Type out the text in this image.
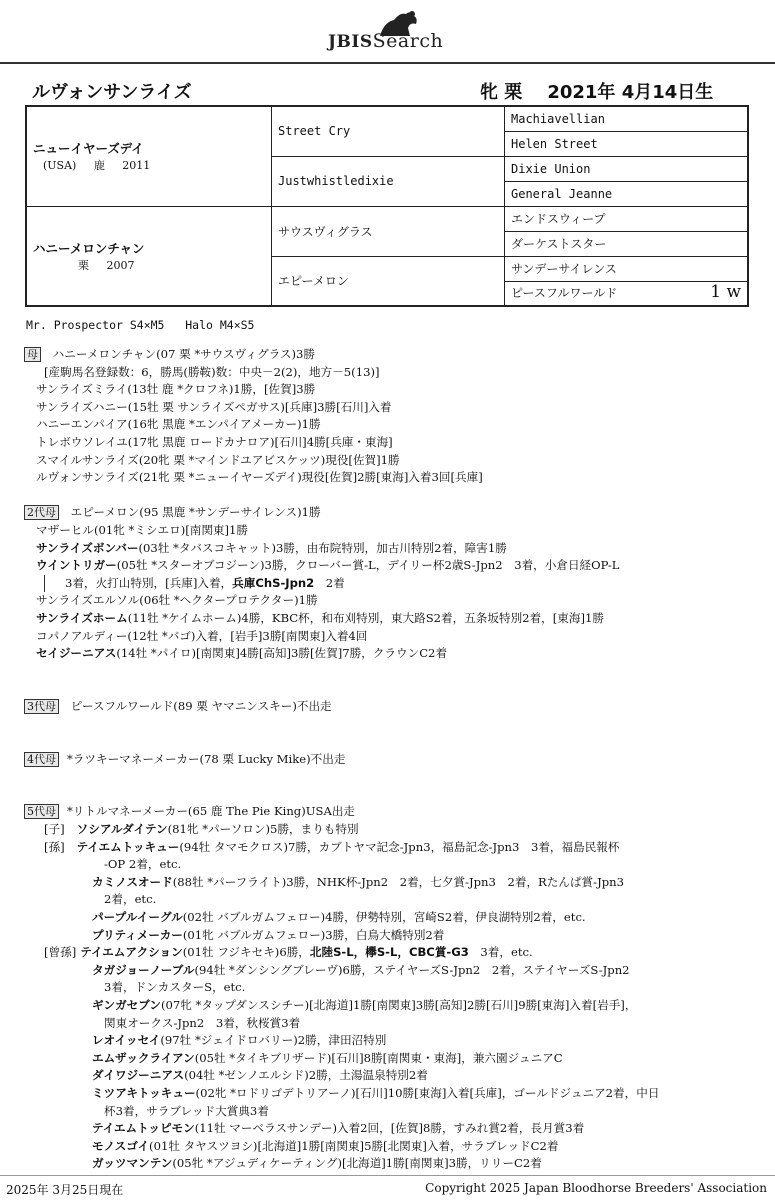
JBISSearch
ルヴォンサンライズ	牝 栗    2021年 4月14日生
ニューイヤーズデイ
(USA)     鹿     2011	Street Cry	Machiavellian
		Helen Street
	Justwhistledixie	Dixie Union
		General Jeanne

ハニーメロンチャン
栗     2007	サウスヴィグラス	エンドスウィープ
		ダーケストスター
	エピーメロン	サンデーサイレンス
		ピースフルワールド 1 w
Mr. Prospector S4×M5   Halo M4×S5
母 ハニーメロンチャン(07 栗 *サウスヴィグラス)3勝
[産駒馬名登録数：6，勝馬(勝鞍)数：中央－2(2)，地方－5(13)]
サンライズミライ(13牡 鹿 *クロフネ)1勝，[佐賀]3勝
サンライズハニー(15牡 栗 サンライズペガサス)[兵庫]3勝[石川]入着
ハニーエンパイア(16牝 黒鹿 *エンパイアメーカー)1勝
トレボウソレイユ(17牝 黒鹿 ロードカナロア)[石川]4勝[兵庫・東海]
スマイルサンライズ(20牝 栗 *マインドユアビスケッツ)現役[佐賀]1勝
ルヴォンサンライズ(21牝 栗 *ニューイヤーズデイ)現役[佐賀]2勝[東海]入着3回[兵庫]
2代母 エピーメロン(95 黒鹿 *サンデーサイレンス)1勝
マザーヒル(01牝 *ミシエロ)[南関東]1勝
サンライズボンバー(03牡 *タバスコキャット)3勝，由布院特別，加古川特別2着，障害1勝
ウイントリガー(05牡 *スターオブコジーン)3勝，クローバー賞-L，デイリー杯2歳S-Jpn2　3着，小倉日経OP-L
3着，火打山特別，[兵庫]入着，兵庫ChS-Jpn2　2着
サンライズエルソル(06牡 *ヘクタープロテクター)1勝
サンライズホーム(11牡 *ケイムホーム)4勝，KBC杯，和布刈特別，東大路S2着，五条坂特別2着，[東海]1勝
コパノアルディー(12牡 *バゴ)入着，[岩手]3勝[南関東]入着4回
セイジーニアス(14牡 *パイロ)[南関東]4勝[高知]3勝[佐賀]7勝，クラウンC2着
3代母 ピースフルワールド(89 栗 ヤマニンスキー)不出走
4代母 *ラツキーマネーメーカー(78 栗 Lucky Mike)不出走
5代母 *リトルマネーメーカー(65 鹿 The Pie King)USA出走
[子] ソシアルダイテン(81牝 *パーソロン)5勝，まりも特別
[孫] テイエムトッキュー(94牡 タマモクロス)7勝，カブトヤマ記念-Jpn3，福島記念-Jpn3　3着，福島民報杯
-OP 2着，etc.
カミノスオード(88牡 *パーフライト)3勝，NHK杯-Jpn2　2着，七夕賞-Jpn3　2着，Rたんぱ賞-Jpn3
2着，etc.
パープルイーグル(02牡 バブルガムフェロー)4勝，伊勢特別，宮崎S2着，伊良湖特別2着，etc.
プリティメーカー(01牝 バブルガムフェロー)3勝，白鳥大橋特別2着
[曾孫] テイエムアクション(01牡 フジキセキ)6勝，北陸S-L，欅S-L，CBC賞-G3　3着，etc.
タガジョーノーブル(94牡 *ダンシングブレーヴ)6勝，ステイヤーズS-Jpn2　2着，ステイヤーズS-Jpn2
3着，ドンカスターS，etc.
ギンガセブン(07牝 *タップダンスシチー)[北海道]1勝[南関東]3勝[高知]2勝[石川]9勝[東海]入着[岩手]，
関東オークス-Jpn2　3着，秋桜賞3着
レオイッセイ(97牡 *ジェイドロバリー)2勝，津田沼特別
エムザックライアン(05牡 *タイキブリザード)[石川]8勝[南関東・東海]，兼六園ジュニアC
ダイワジーニアス(04牡 *ゼンノエルシド)2勝，土湯温泉特別2着
ミツアキトッキュー(02牝 *ロドリゴデトリアーノ)[石川]10勝[東海]入着[兵庫]，ゴールドジュニア2着，中日
杯3着，サラブレッド大賞典3着
テイエムトッピモン(11牡 マーベラスサンデー)入着2回，[佐賀]8勝，すみれ賞2着，長月賞3着
モノスゴイ(01牡 タヤスツヨシ)[北海道]1勝[南関東]5勝[北関東]入着，サラブレッドC2着
ガッツマンテン(05牝 *アジュディケーティング)[北海道]1勝[南関東]3勝，リリーC2着
2025年 3月25日現在	Copyright 2025 Japan Bloodhorse Breeders' Association
